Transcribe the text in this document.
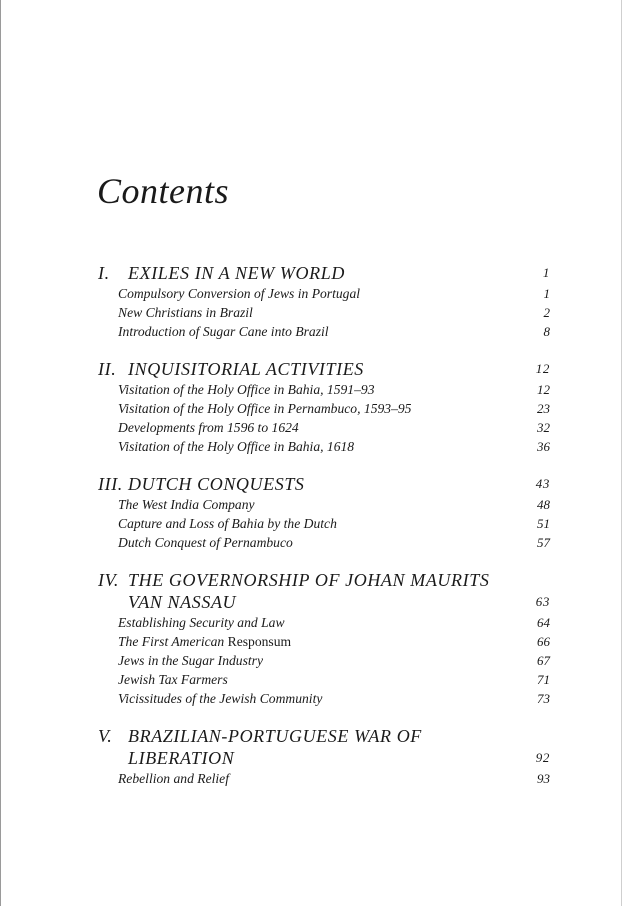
Contents
I.	EXILES IN A NEW WORLD	1
Compulsory Conversion of Jews in Portugal	1
New Christians in Brazil	2
Introduction of Sugar Cane into Brazil	8
II. INQUISITORIAL ACTIVITIES	12
Visitation of the Holy Office in Bahia, 1591–93	12
Visitation of the Holy Office in Pernambuco, 1593–95	23
Developments from 1596 to 1624	32
Visitation of the Holy Office in Bahia, 1618	36
III. DUTCH CONQUESTS	43
The West India Company	48
Capture and Loss of Bahia by the Dutch	51
Dutch Conquest of Pernambuco	57
IV. THE GOVERNORSHIP OF JOHAN MAURITS VAN NASSAU	63
Establishing Security and Law	64
The First American Responsum	66
Jews in the Sugar Industry	67
Jewish Tax Farmers	71
Vicissitudes of the Jewish Community	73
V. BRAZILIAN-PORTUGUESE WAR OF LIBERATION	92
Rebellion and Relief	93
